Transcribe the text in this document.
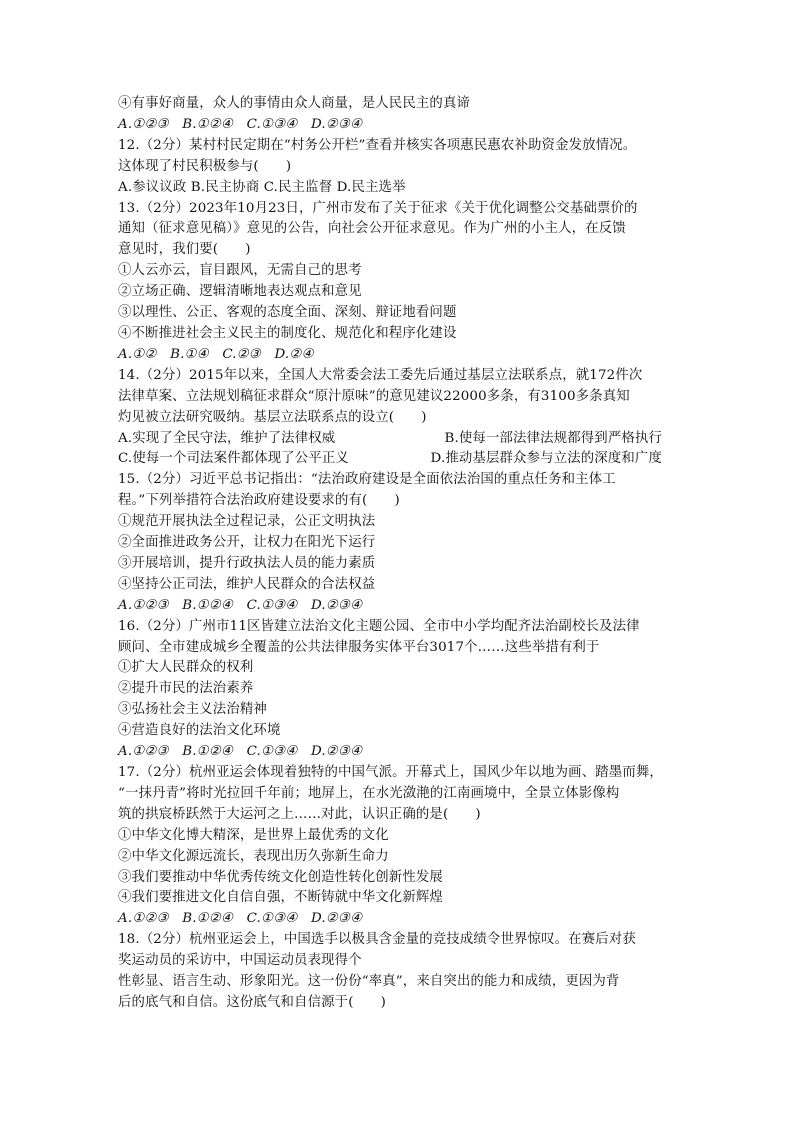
④有事好商量，众人的事情由众人商量，是人民民主的真谛
A.①②③　B.①②④　C.①③④　D.②③④
12.（2分）某村村民定期在“村务公开栏”查看并核实各项惠民惠农补助资金发放情况。
这体现了村民积极参与(　　)
A.参议议政 B.民主协商 C.民主监督 D.民主选举
13.（2分）2023年10月23日，广州市发布了关于征求《关于优化调整公交基础票价的
通知（征求意见稿）》意见的公告，向社会公开征求意见。作为广州的小主人，在反馈
意见时，我们要(　　)
①人云亦云，盲目跟风，无需自己的思考
②立场正确、逻辑清晰地表达观点和意见
③以理性、公正、客观的态度全面、深刻、辩证地看问题
④不断推进社会主义民主的制度化、规范化和程序化建设
A.①②　B.①④　C.②③　D.②④
14.（2分）2015年以来，全国人大常委会法工委先后通过基层立法联系点，就172件次
法律草案、立法规划稿征求群众“原汁原味”的意见建议22000多条，有3100多条真知
灼见被立法研究吸纳。基层立法联系点的设立(　　)
A.实现了全民守法，维护了法律权威	B.使每一部法律法规都得到严格执行
C.使每一个司法案件都体现了公平正义	D.推动基层群众参与立法的深度和广度
15.（2分）习近平总书记指出：“法治政府建设是全面依法治国的重点任务和主体工
程。”下列举措符合法治政府建设要求的有(　　)
①规范开展执法全过程记录，公正文明执法
②全面推进政务公开，让权力在阳光下运行
③开展培训，提升行政执法人员的能力素质
④坚持公正司法，维护人民群众的合法权益
A.①②③　B.①②④　C.①③④　D.②③④
16.（2分）广州市11区皆建立法治文化主题公园、全市中小学均配齐法治副校长及法律
顾问、全市建成城乡全覆盖的公共法律服务实体平台3017个……这些举措有利于
①扩大人民群众的权利
②提升市民的法治素养
③弘扬社会主义法治精神
④营造良好的法治文化环境
A.①②③　B.①②④　C.①③④　D.②③④
17.（2分）杭州亚运会体现着独特的中国气派。开幕式上，国风少年以地为画、踏墨而舞，
“一抹丹青”将时光拉回千年前；地屏上，在水光潋滟的江南画境中，全景立体影像构
筑的拱宸桥跃然于大运河之上……对此，认识正确的是(　　)
①中华文化博大精深，是世界上最优秀的文化
②中华文化源远流长，表现出历久弥新生命力
③我们要推动中华优秀传统文化创造性转化创新性发展
④我们要推进文化自信自强，不断铸就中华文化新辉煌
A.①②③　B.①②④　C.①③④　D.②③④
18.（2分）杭州亚运会上，中国选手以极具含金量的竞技成绩令世界惊叹。在赛后对获
奖运动员的采访中，中国运动员表现得个
性彰显、语言生动、形象阳光。这一份份“率真”，来自突出的能力和成绩，更因为背
后的底气和自信。这份底气和自信源于(　　)
